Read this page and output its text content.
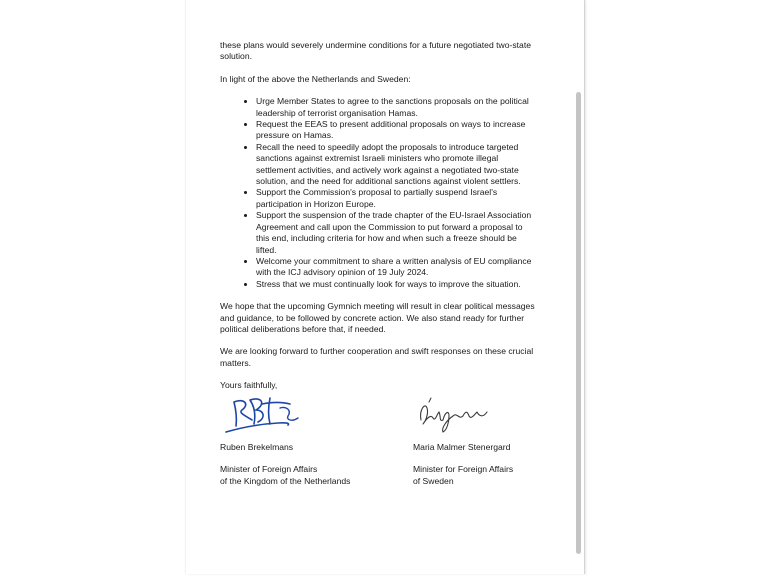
these plans would severely undermine conditions for a future negotiated two-state solution.

In light of the above the Netherlands and Sweden:

• Urge Member States to agree to the sanctions proposals on the political leadership of terrorist organisation Hamas.
• Request the EEAS to present additional proposals on ways to increase pressure on Hamas.
• Recall the need to speedily adopt the proposals to introduce targeted sanctions against extremist Israeli ministers who promote illegal settlement activities, and actively work against a negotiated two-state solution, and the need for additional sanctions against violent settlers.
• Support the Commission's proposal to partially suspend Israel's participation in Horizon Europe.
• Support the suspension of the trade chapter of the EU-Israel Association Agreement and call upon the Commission to put forward a proposal to this end, including criteria for how and when such a freeze should be lifted.
• Welcome your commitment to share a written analysis of EU compliance with the ICJ advisory opinion of 19 July 2024.
• Stress that we must continually look for ways to improve the situation.

We hope that the upcoming Gymnich meeting will result in clear political messages and guidance, to be followed by concrete action. We also stand ready for further political deliberations before that, if needed.

We are looking forward to further cooperation and swift responses on these crucial matters.

Yours faithfully,

Ruben Brekelmans
Minister of Foreign Affairs
of the Kingdom of the Netherlands
Maria Malmer Stenergard
Minister for Foreign Affairs
of Sweden
